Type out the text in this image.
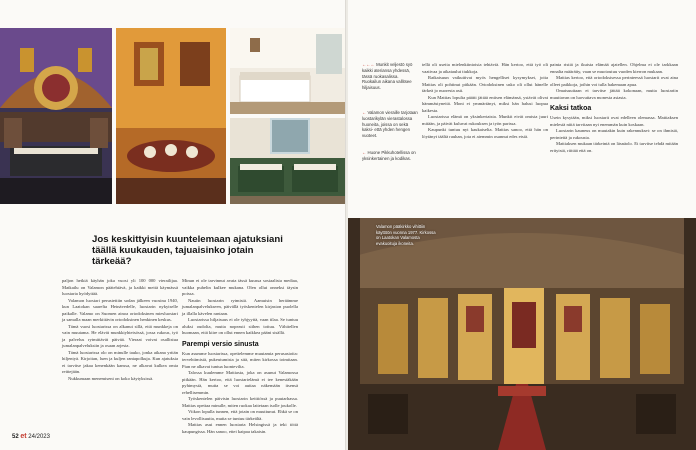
Jos keskittyisin kuuntelemaan ajatuksiani täällä kuukauden, tajuaisinko jotain tärkeää?

paljon hetkiä käyhän joka vuosi yli 100 000 vierailijaa. Matkailu on Valamon päätehtävä, ja kaikki meitä käymässä luostaria hyödyttää.

Valamon luostari perustettiin sodan jälkeen vuosina 1940, kun Laatokan saarelta Heinävedelle, luostarin nykyiselle paikalle. Valamo on Suomen ainoa ortodoksinen miesluostari ja samalla maan merkittävin ortodoksinen henkinen keskus.

Tämä vuosi luostarissa on alkanut sillä, että munkkeja on vain muutama. He elävät munkkiyhteisössä, jossa rukous, työ ja palvelus rytmittävät päivää. Vieraat voivat osallistua jumalanpalveluksiin ja osaan arjesta.

Tämä luostarissa olo on minulle tauko, jonka aikana yritän hiljentyä. Kirjoitan, luen ja kuljen rantapolkuja. Kun ajatuksia ei tarvitse jakaa kenenkään kanssa, ne alkavat kulkea omia reittejään.

Nukkumaan menemiseni on koko käytyksissä.

Minun ei ole tarvinnut avata tässä kuussa sosiaalista mediaa, vaikka puhelin kulkee mukana. Olen ollut onneksi täysin poissa.

Nautin luostarin rytmistä. Aamuisin heräämme jumalanpalvelukseen, päivällä työskentelen kirjaston puolella ja illalla kävelen rantaan.

Luostarissa hiljaisuus ei ole tyhjyyttä, vaan tilaa. Se tuntuu aluksi oudolta, mutta nopeasti siihen tottuu. Vähitellen huomaan, että kiire on ollut ennen kaikkea pääni sisällä.

Parempi versio sinusta

Kun asumme luostarissa, opettelemme muutamia perusasioita: tervehtimistä, pukeutumista ja sitä, miten kirkossa toimitaan. Pian ne alkavat tuntua luontevilta.

Talossa kuulemme Mattiasta, joka on asunut Valamossa pitkään. Hän kertoo, että luostarielämä ei tee kenestäkään pyhimystä, mutta se voi auttaa näkemään itsensä rehellisemmin.

Työskentelen päivisin luostarin keittiössä ja puutarhassa. Mattias opettaa minulle, miten ruokaa laitetaan isolle joukolle.

Viikon lopulla tunnen, että jotain on muuttunut. Ehkä se on vain levollisuutta, mutta se tuntuu tärkeältä.

Mattias asui ennen luostaria Helsingissä ja teki töitä kaupungissa. Hän sanoo, ettei kaipaa takaisin.

52 et 24/2023
←←← Munkit veljestö syö kaikki ateriansa yhdessä, tässä ruokasalissa. Ruokailun aikana vallitsee hiljaisuus.
← Valamon vieraille tarjotaan luostarikylän vierastalossa huoneita, joissa on sekä kaksi- että yhden hengen vuoteet.
← Huone Pikkuhotellissa on yksinkertainen ja kodikas.

tellä oli useita mielenkiintoisia tehtäviä. Hän kertoo, että työ oli vaativaa ja aikataulut tiukkoja.

Ratkaisuun vaikuttivat myös hengelliset kysymykset, joita Mattias oli pohtinut pitkään. Ortodoksinen usko oli ollut hänelle tärkeä jo nuoresta asti.

Kun Mattias lopulta päätti jättää entisen elämänsä, ystävät olivat hämmästyneitä. Moni ei ymmärtänyt, miksi hän halusi luopua kaikesta.

Luostarissa elämä on yksinkertaista. Munkit eivät omista juuri mitään, ja päivät kuluvat rukouksen ja työn parissa.

Kaupunki tuntuu nyt kaukaiselta. Mattias sanoo, että hän on löytänyt täältä rauhan, jota ei aiemmin osannut edes etsiä.

painia ristiä ja ikuista elämää ajatellen. Ohjelma ei ole tarkkaan ennalta määrätty, vaan se muotoutuu vuoden kierron mukaan.

Mattias kertoo, että ortodoksisessa perinteessä luostarit ovat aina olleet paikkoja, joihin voi tulla hakemaan apua.

Omaisuuttaan ei tarvitse jättää kokonaan, mutta luostariin muuttavan on luovuttava monesta asiasta.

Kaksi tatkoa

Usein kysytään, miksi luostarit ovat edelleen olemassa. Mattiaksen mielestä niitä tarvitaan nyt enemmän kuin koskaan.

Luostarin kauneus on muutakin kuin rakennukset: se on ihmisiä, perinteitä ja rukousta.

Mattiaksen mukaan tärkeintä on läsnäolo. Ei tarvitse tehdä mitään erityistä, riittää että on.

Valamon pääkirkko vihittiin käyttöön vuonna 1977. Kirkossa on Laatokan Valamosta evakuoituja ikoneita.
